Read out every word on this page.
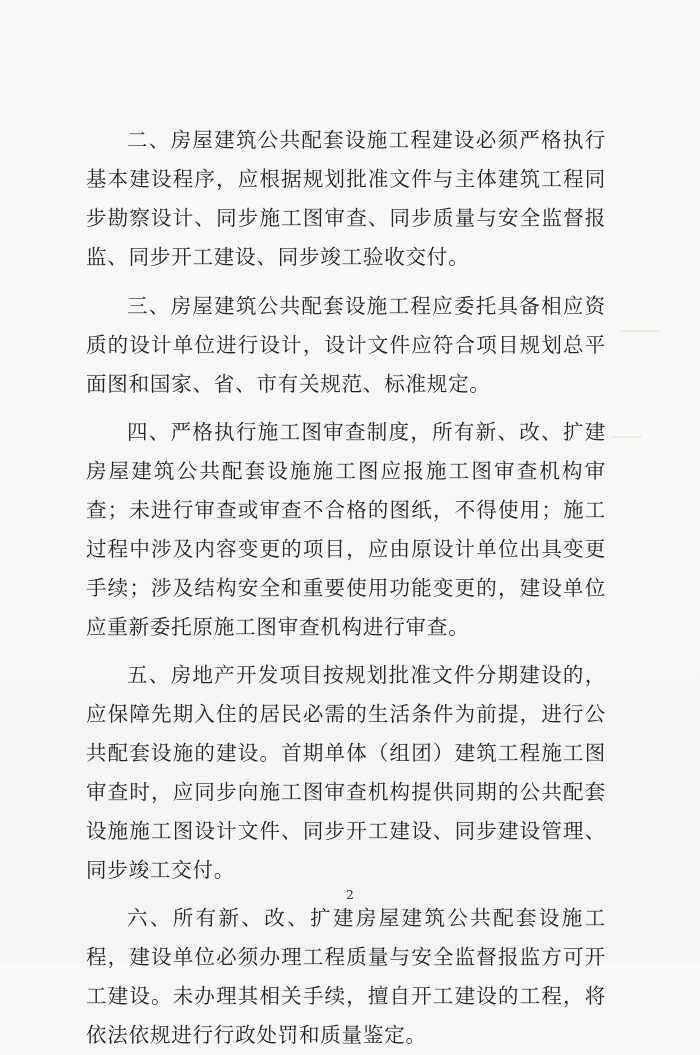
二、房屋建筑公共配套设施工程建设必须严格执行基本建设程序，应根据规划批准文件与主体建筑工程同步勘察设计、同步施工图审查、同步质量与安全监督报监、同步开工建设、同步竣工验收交付。

三、房屋建筑公共配套设施工程应委托具备相应资质的设计单位进行设计，设计文件应符合项目规划总平面图和国家、省、市有关规范、标准规定。

四、严格执行施工图审查制度，所有新、改、扩建房屋建筑公共配套设施施工图应报施工图审查机构审查；未进行审查或审查不合格的图纸，不得使用；施工过程中涉及内容变更的项目，应由原设计单位出具变更手续；涉及结构安全和重要使用功能变更的，建设单位应重新委托原施工图审查机构进行审查。

五、房地产开发项目按规划批准文件分期建设的，应保障先期入住的居民必需的生活条件为前提，进行公共配套设施的建设。首期单体（组团）建筑工程施工图审查时，应同步向施工图审查机构提供同期的公共配套设施施工图设计文件、同步开工建设、同步建设管理、同步竣工交付。

六、所有新、改、扩建房屋建筑公共配套设施工程，建设单位必须办理工程质量与安全监督报监方可开工建设。未办理其相关手续，擅自开工建设的工程，将依法依规进行行政处罚和质量鉴定。

2
